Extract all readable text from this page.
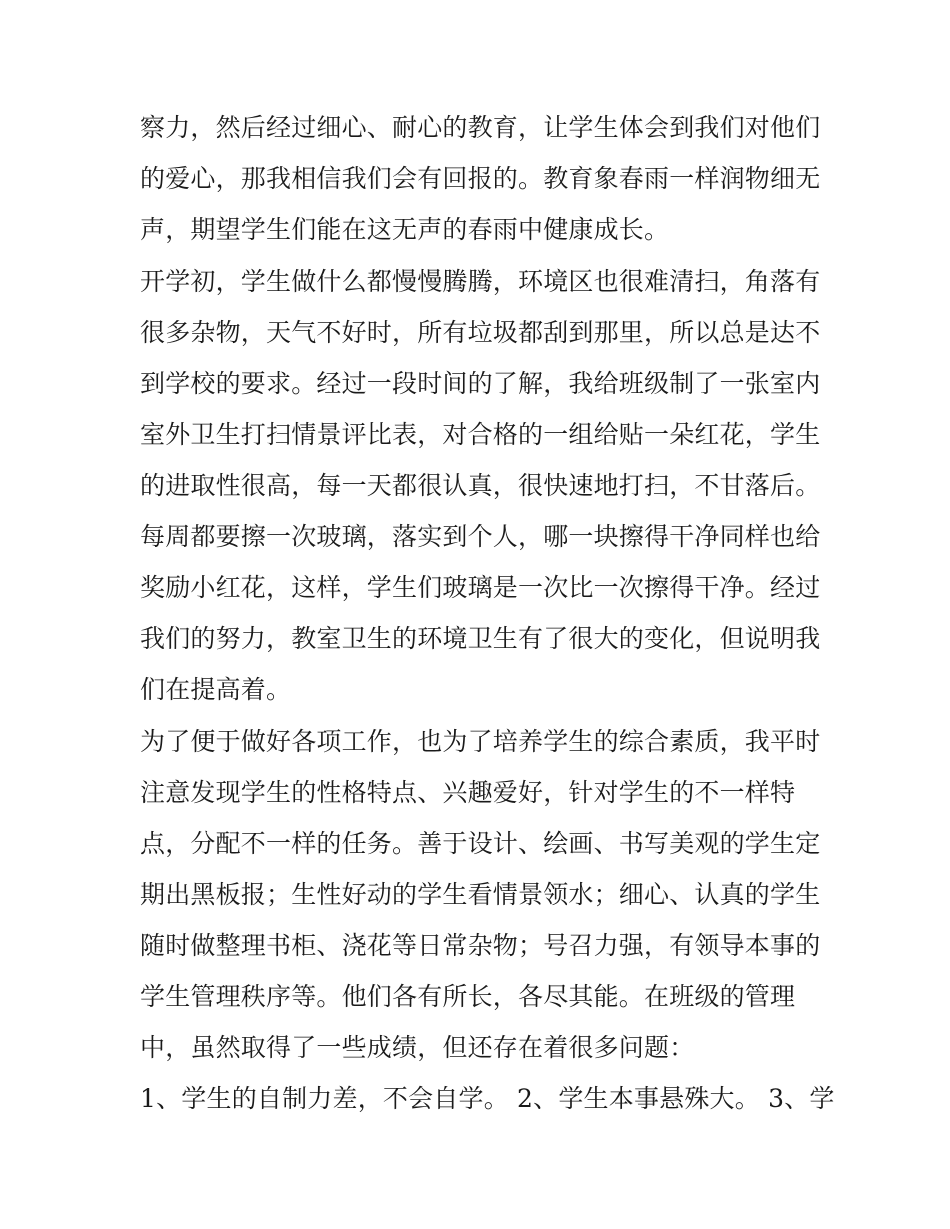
察力，然后经过细心、耐心的教育，让学生体会到我们对他们
的爱心，那我相信我们会有回报的。教育象春雨一样润物细无
声，期望学生们能在这无声的春雨中健康成长。
开学初，学生做什么都慢慢腾腾，环境区也很难清扫，角落有
很多杂物，天气不好时，所有垃圾都刮到那里，所以总是达不
到学校的要求。经过一段时间的了解，我给班级制了一张室内
室外卫生打扫情景评比表，对合格的一组给贴一朵红花，学生
的进取性很高，每一天都很认真，很快速地打扫，不甘落后。
每周都要擦一次玻璃，落实到个人，哪一块擦得干净同样也给
奖励小红花，这样，学生们玻璃是一次比一次擦得干净。经过
我们的努力，教室卫生的环境卫生有了很大的变化，但说明我
们在提高着。
为了便于做好各项工作，也为了培养学生的综合素质，我平时
注意发现学生的性格特点、兴趣爱好，针对学生的不一样特
点，分配不一样的任务。善于设计、绘画、书写美观的学生定
期出黑板报；生性好动的学生看情景领水；细心、认真的学生
随时做整理书柜、浇花等日常杂物；号召力强，有领导本事的
学生管理秩序等。他们各有所长，各尽其能。在班级的管理
中，虽然取得了一些成绩，但还存在着很多问题：
1、学生的自制力差，不会自学。 2、学生本事悬殊大。 3、学
